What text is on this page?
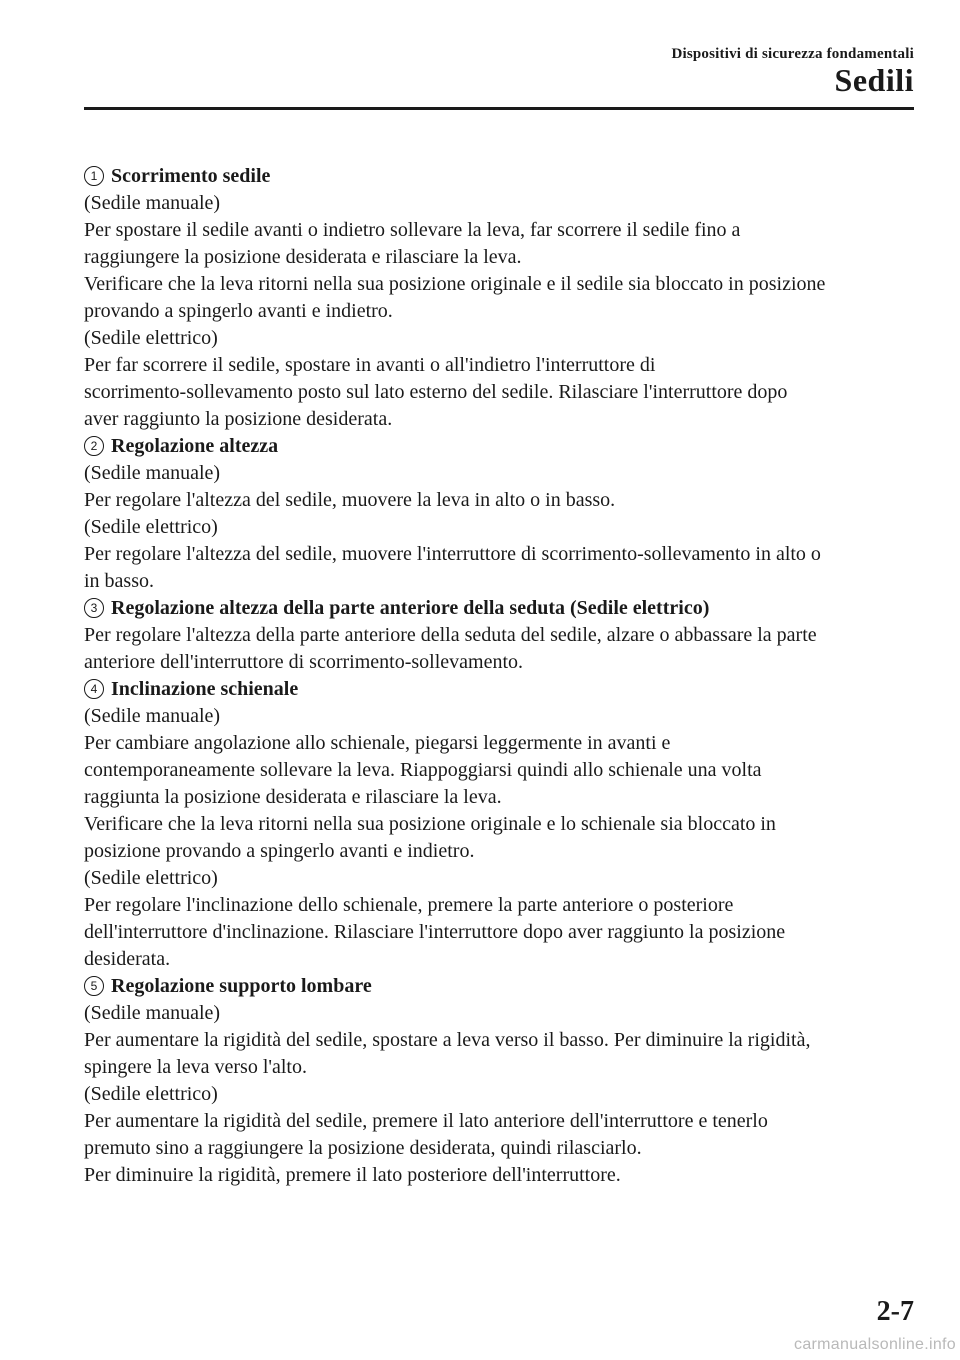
Dispositivi di sicurezza fondamentali
Sedili
1 Scorrimento sedile
(Sedile manuale)
Per spostare il sedile avanti o indietro sollevare la leva, far scorrere il sedile fino a
raggiungere la posizione desiderata e rilasciare la leva.
Verificare che la leva ritorni nella sua posizione originale e il sedile sia bloccato in posizione
provando a spingerlo avanti e indietro.
(Sedile elettrico)
Per far scorrere il sedile, spostare in avanti o all'indietro l'interruttore di
scorrimento-sollevamento posto sul lato esterno del sedile. Rilasciare l'interruttore dopo
aver raggiunto la posizione desiderata.
2 Regolazione altezza
(Sedile manuale)
Per regolare l'altezza del sedile, muovere la leva in alto o in basso.
(Sedile elettrico)
Per regolare l'altezza del sedile, muovere l'interruttore di scorrimento-sollevamento in alto o
in basso.
3 Regolazione altezza della parte anteriore della seduta (Sedile elettrico)
Per regolare l'altezza della parte anteriore della seduta del sedile, alzare o abbassare la parte
anteriore dell'interruttore di scorrimento-sollevamento.
4 Inclinazione schienale
(Sedile manuale)
Per cambiare angolazione allo schienale, piegarsi leggermente in avanti e
contemporaneamente sollevare la leva. Riappoggiarsi quindi allo schienale una volta
raggiunta la posizione desiderata e rilasciare la leva.
Verificare che la leva ritorni nella sua posizione originale e lo schienale sia bloccato in
posizione provando a spingerlo avanti e indietro.
(Sedile elettrico)
Per regolare l'inclinazione dello schienale, premere la parte anteriore o posteriore
dell'interruttore d'inclinazione. Rilasciare l'interruttore dopo aver raggiunto la posizione
desiderata.
5 Regolazione supporto lombare
(Sedile manuale)
Per aumentare la rigidità del sedile, spostare a leva verso il basso. Per diminuire la rigidità,
spingere la leva verso l'alto.
(Sedile elettrico)
Per aumentare la rigidità del sedile, premere il lato anteriore dell'interruttore e tenerlo
premuto sino a raggiungere la posizione desiderata, quindi rilasciarlo.
Per diminuire la rigidità, premere il lato posteriore dell'interruttore.
2-7
carmanualsonline.info
